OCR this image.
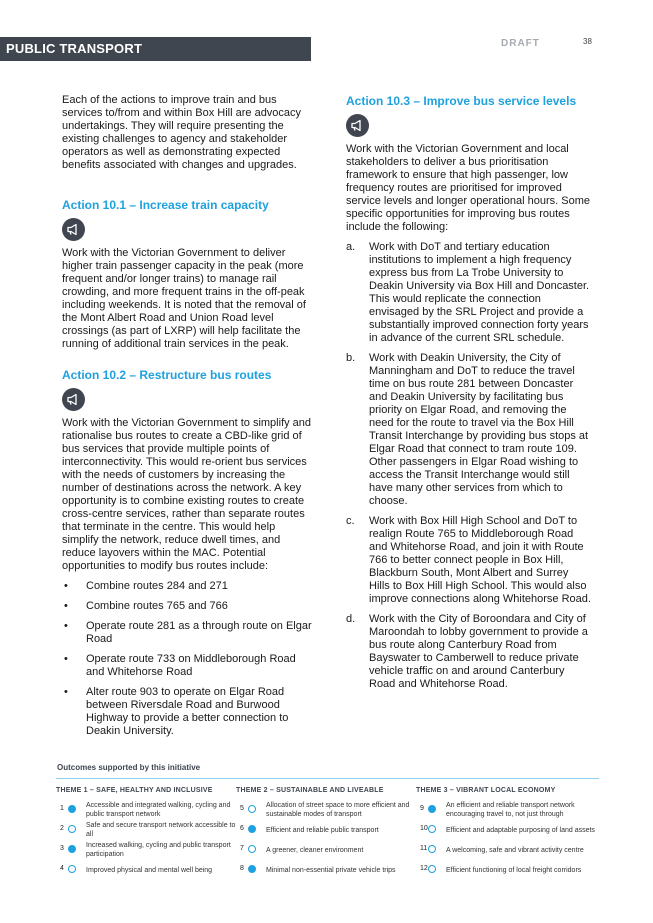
PUBLIC TRANSPORT	DRAFT	38

Each of the actions to improve train and bus services to/from and within Box Hill are advocacy undertakings. They will require presenting the existing challenges to agency and stakeholder operators as well as demonstrating expected benefits associated with changes and upgrades.

Action 10.1 – Increase train capacity

Work with the Victorian Government to deliver higher train passenger capacity in the peak (more frequent and/or longer trains) to manage rail crowding, and more frequent trains in the off-peak including weekends. It is noted that the removal of the Mont Albert Road and Union Road level crossings (as part of LXRP) will help facilitate the running of additional train services in the peak.

Action 10.2 – Restructure bus routes

Work with the Victorian Government to simplify and rationalise bus routes to create a CBD-like grid of bus services that provide multiple points of interconnectivity. This would re-orient bus services with the needs of customers by increasing the number of destinations across the network. A key opportunity is to combine existing routes to create cross-centre services, rather than separate routes that terminate in the centre. This would help simplify the network, reduce dwell times, and reduce layovers within the MAC. Potential opportunities to modify bus routes include:

• Combine routes 284 and 271
• Combine routes 765 and 766
• Operate route 281 as a through route on Elgar Road
• Operate route 733 on Middleborough Road and Whitehorse Road
• Alter route 903 to operate on Elgar Road between Riversdale Road and Burwood Highway to provide a better connection to Deakin University.
Action 10.3 – Improve bus service levels

Work with the Victorian Government and local stakeholders to deliver a bus prioritisation framework to ensure that high passenger, low frequency routes are prioritised for improved service levels and longer operational hours. Some specific opportunities for improving bus routes include the following:

a. Work with DoT and tertiary education institutions to implement a high frequency express bus from La Trobe University to Deakin University via Box Hill and Doncaster. This would replicate the connection envisaged by the SRL Project and provide a substantially improved connection forty years in advance of the current SRL schedule.
b. Work with Deakin University, the City of Manningham and DoT to reduce the travel time on bus route 281 between Doncaster and Deakin University by facilitating bus priority on Elgar Road, and removing the need for the route to travel via the Box Hill Transit Interchange by providing bus stops at Elgar Road that connect to tram route 109. Other passengers in Elgar Road wishing to access the Transit Interchange would still have many other services from which to choose.
c. Work with Box Hill High School and DoT to realign Route 765 to Middleborough Road and Whitehorse Road, and join it with Route 766 to better connect people in Box Hill, Blackburn South, Mont Albert and Surrey Hills to Box Hill High School. This would also improve connections along Whitehorse Road.
d. Work with the City of Boroondara and City of Maroondah to lobby government to provide a bus route along Canterbury Road from Bayswater to Camberwell to reduce private vehicle traffic on and around Canterbury Road and Whitehorse Road.
Outcomes supported by this initiative
THEME 1 – SAFE, HEALTHY AND INCLUSIVE
1	Accessible and integrated walking, cycling and public transport network
2	Safe and secure transport network accessible to all
3	Increased walking, cycling and public transport participation
4	Improved physical and mental well being
THEME 2 – SUSTAINABLE AND LIVEABLE
5	Allocation of street space to more efficient and sustainable modes of transport
6	Efficient and reliable public transport
7	A greener, cleaner environment
8	Minimal non-essential private vehicle trips
THEME 3 – VIBRANT LOCAL ECONOMY
9	An efficient and reliable transport network encouraging travel to, not just through
10	Efficient and adaptable purposing of land assets
11	A welcoming, safe and vibrant activity centre
12	Efficient functioning of local freight corridors
